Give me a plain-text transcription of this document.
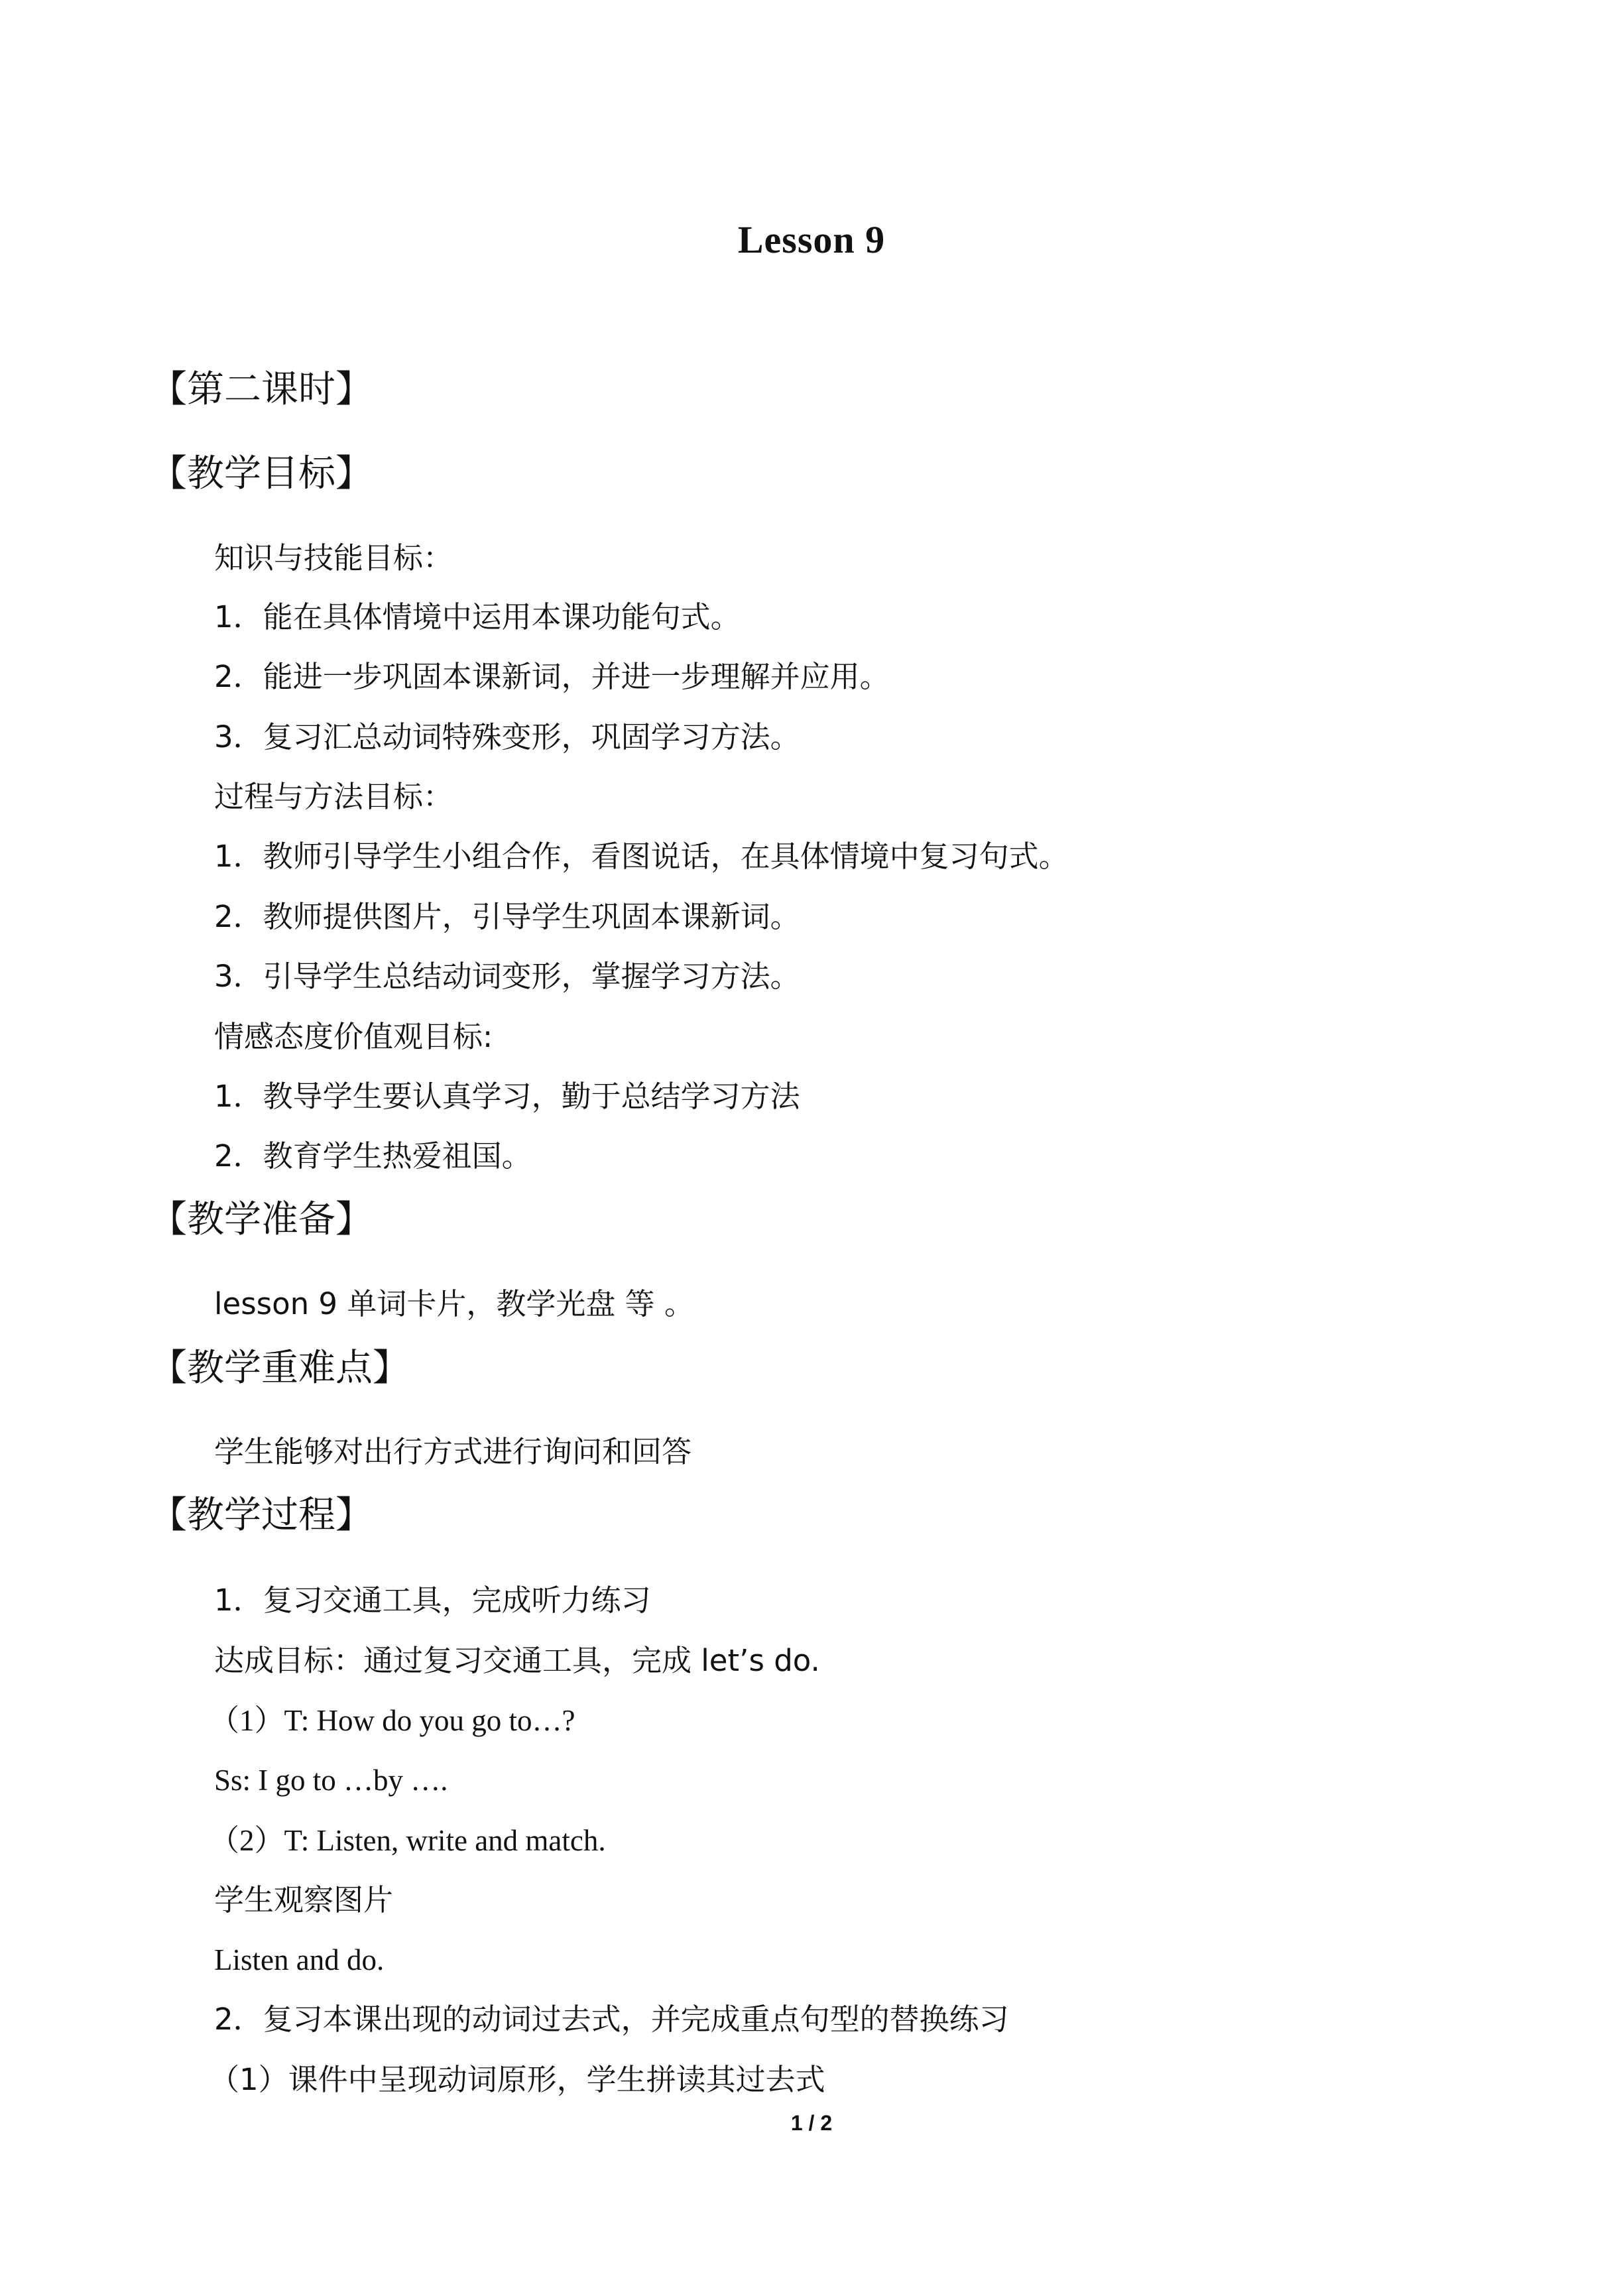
Lesson 9
【第二课时】
【教学目标】
知识与技能目标：
1．能在具体情境中运用本课功能句式。
2．能进一步巩固本课新词，并进一步理解并应用。
3．复习汇总动词特殊变形，巩固学习方法。
过程与方法目标：
1．教师引导学生小组合作，看图说话，在具体情境中复习句式。
2．教师提供图片，引导学生巩固本课新词。
3．引导学生总结动词变形，掌握学习方法。
情感态度价值观目标:
1．教导学生要认真学习，勤于总结学习方法
2．教育学生热爱祖国。
【教学准备】
lesson 9 单词卡片，教学光盘 等 。
【教学重难点】
学生能够对出行方式进行询问和回答
【教学过程】
1．复习交通工具，完成听力练习
达成目标：通过复习交通工具，完成 let’s do.
（1）T: How do you go to…?
Ss: I go to …by ….
（2）T: Listen, write and match.
学生观察图片
Listen and do.
2．复习本课出现的动词过去式，并完成重点句型的替换练习
（1）课件中呈现动词原形，学生拼读其过去式
1 / 2
